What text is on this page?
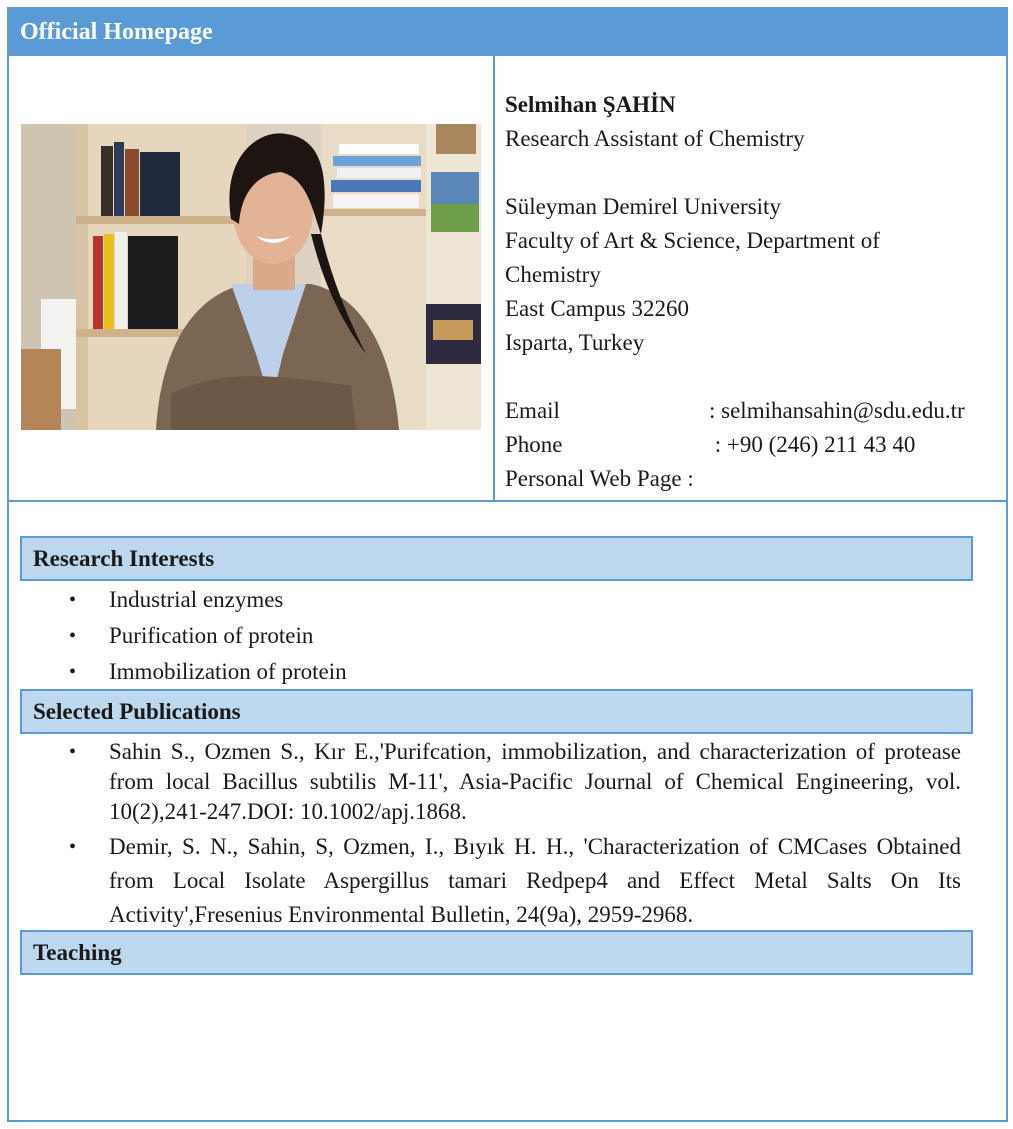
Official Homepage
Selmihan ŞAHİN
Research Assistant of Chemistry
Süleyman Demirel University
Faculty of Art & Science, Department of
Chemistry
East Campus 32260
Isparta, Turkey
Email	: selmihansahin@sdu.edu.tr
Phone	: +90 (246) 211 43 40
Personal Web Page :
Research Interests
• Industrial enzymes
• Purification of protein
• Immobilization of protein
Selected Publications
• Sahin S., Ozmen S., Kır E.,'Purifcation, immobilization, and characterization of protease from local Bacillus subtilis M-11', Asia-Pacific Journal of Chemical Engineering, vol. 10(2),241-247.DOI: 10.1002/apj.1868.
• Demir, S. N., Sahin, S, Ozmen, I., Bıyık H. H., 'Characterization of CMCases Obtained from Local Isolate Aspergillus tamari Redpep4 and Effect Metal Salts On Its Activity',Fresenius Environmental Bulletin, 24(9a), 2959-2968.
Teaching
